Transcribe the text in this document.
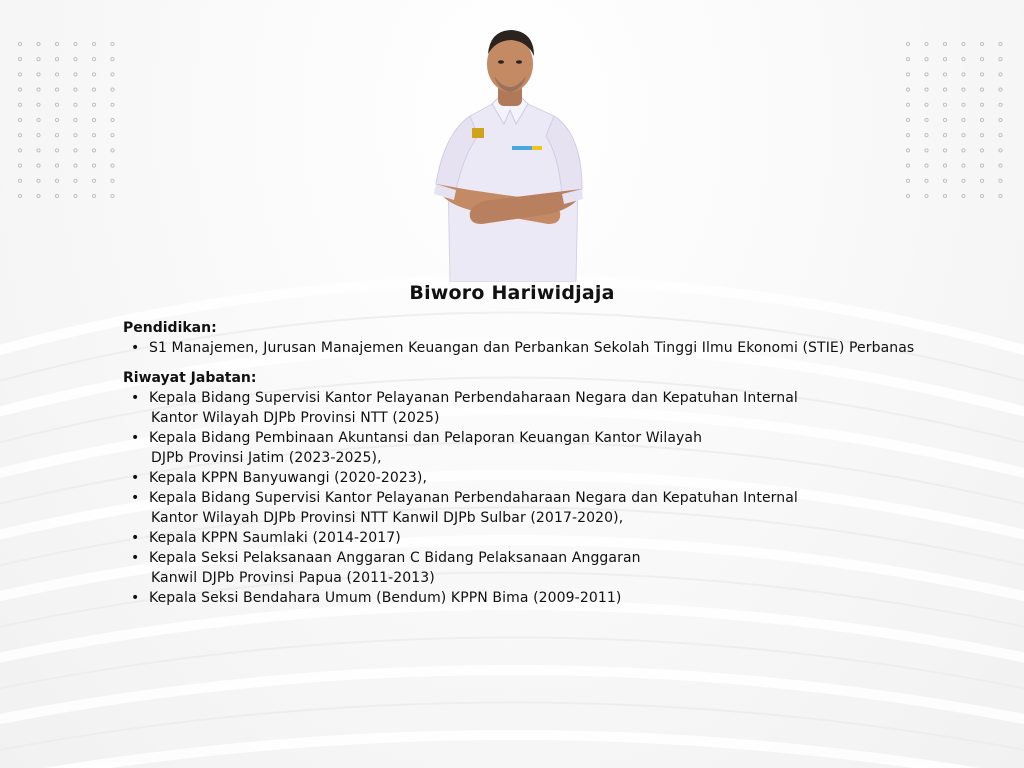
Biworo Hariwidjaja

Pendidikan:

• S1 Manajemen, Jurusan Manajemen Keuangan dan Perbankan Sekolah Tinggi Ilmu Ekonomi (STIE) Perbanas

Riwayat Jabatan:

• Kepala Bidang Supervisi Kantor Pelayanan Perbendaharaan Negara dan Kepatuhan Internal
Kantor Wilayah DJPb Provinsi NTT (2025)
• Kepala Bidang Pembinaan Akuntansi dan Pelaporan Keuangan Kantor Wilayah
DJPb Provinsi Jatim (2023-2025),
• Kepala KPPN Banyuwangi (2020-2023),
• Kepala Bidang Supervisi Kantor Pelayanan Perbendaharaan Negara dan Kepatuhan Internal
Kantor Wilayah DJPb Provinsi NTT Kanwil DJPb Sulbar (2017-2020),
• Kepala KPPN Saumlaki (2014-2017)
• Kepala Seksi Pelaksanaan Anggaran C Bidang Pelaksanaan Anggaran
Kanwil DJPb Provinsi Papua (2011-2013)
• Kepala Seksi Bendahara Umum (Bendum) KPPN Bima (2009-2011)
